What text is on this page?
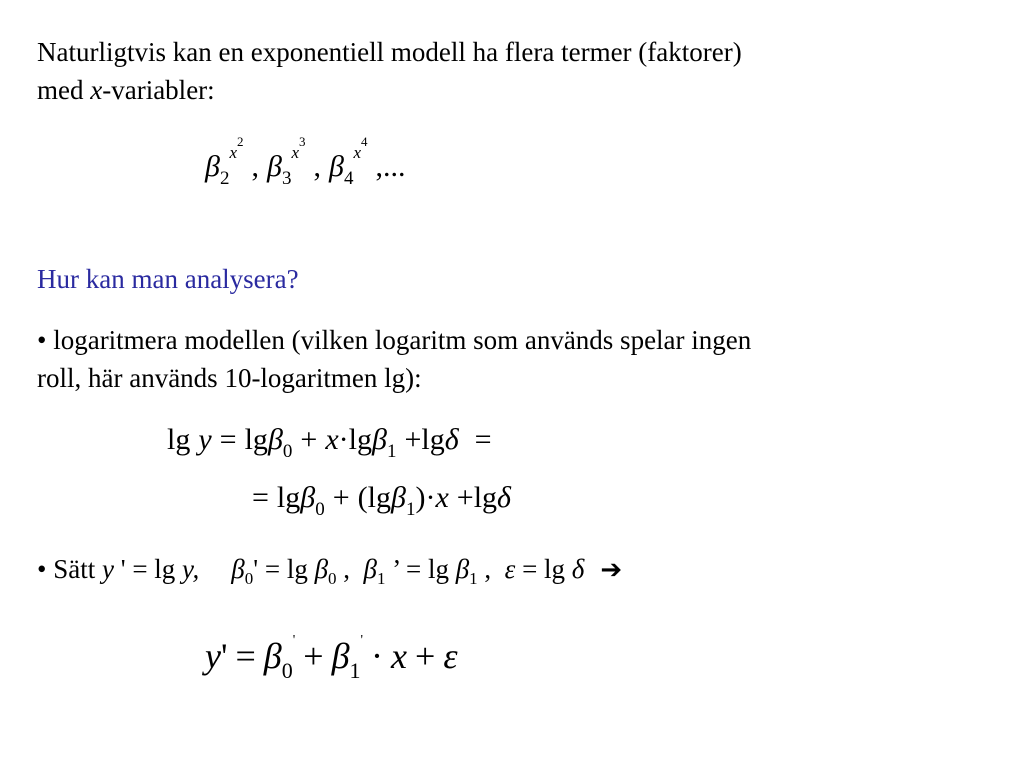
Naturligtvis kan en exponentiell modell ha flera termer (faktorer)
med x-variabler:
$\beta_2^{x^2}$, $\beta_3^{x^3}$, $\beta_4^{x^4}$,...
Hur kan man analysera?
• logaritmera modellen (vilken logaritm som används spelar ingen
roll, här används 10-logaritmen lg):
lg y = lgβ$_0$ + x·lgβ$_1$ +lgδ =
= lgβ$_0$ + (lgβ$_1$)·x +lgδ
• Sätt y ' = lg y, $\beta_0' = \lg \beta_0$ ,  $\beta_1$ ’ = $\lg \beta_1$ ,  ε = lg δ ➔
$y' = \beta_0' + \beta_1' \cdot x + \varepsilon$
